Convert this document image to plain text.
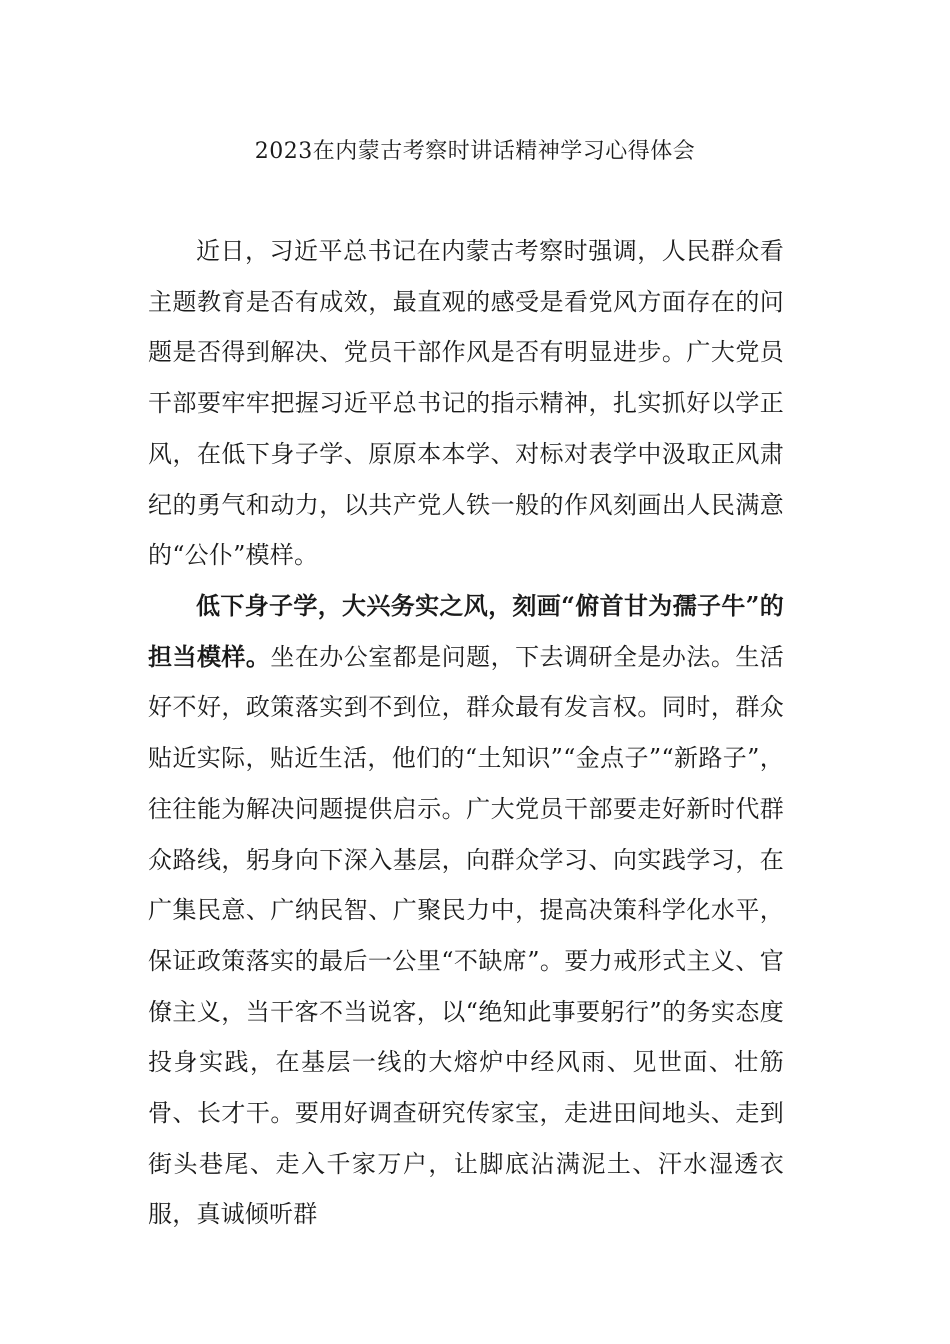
2023在内蒙古考察时讲话精神学习心得体会

近日，习近平总书记在内蒙古考察时强调，人民群众看主题教育是否有成效，最直观的感受是看党风方面存在的问题是否得到解决、党员干部作风是否有明显进步。广大党员干部要牢牢把握习近平总书记的指示精神，扎实抓好以学正风，在低下身子学、原原本本学、对标对表学中汲取正风肃纪的勇气和动力，以共产党人铁一般的作风刻画出人民满意的“公仆”模样。

低下身子学，大兴务实之风，刻画“俯首甘为孺子牛”的担当模样。坐在办公室都是问题，下去调研全是办法。生活好不好，政策落实到不到位，群众最有发言权。同时，群众贴近实际，贴近生活，他们的“土知识”“金点子”“新路子”，往往能为解决问题提供启示。广大党员干部要走好新时代群众路线，躬身向下深入基层，向群众学习、向实践学习，在广集民意、广纳民智、广聚民力中，提高决策科学化水平，保证政策落实的最后一公里“不缺席”。要力戒形式主义、官僚主义，当干客不当说客，以“绝知此事要躬行”的务实态度投身实践，在基层一线的大熔炉中经风雨、见世面、壮筋骨、长才干。要用好调查研究传家宝，走进田间地头、走到街头巷尾、走入千家万户，让脚底沾满泥土、汗水湿透衣服，真诚倾听群
